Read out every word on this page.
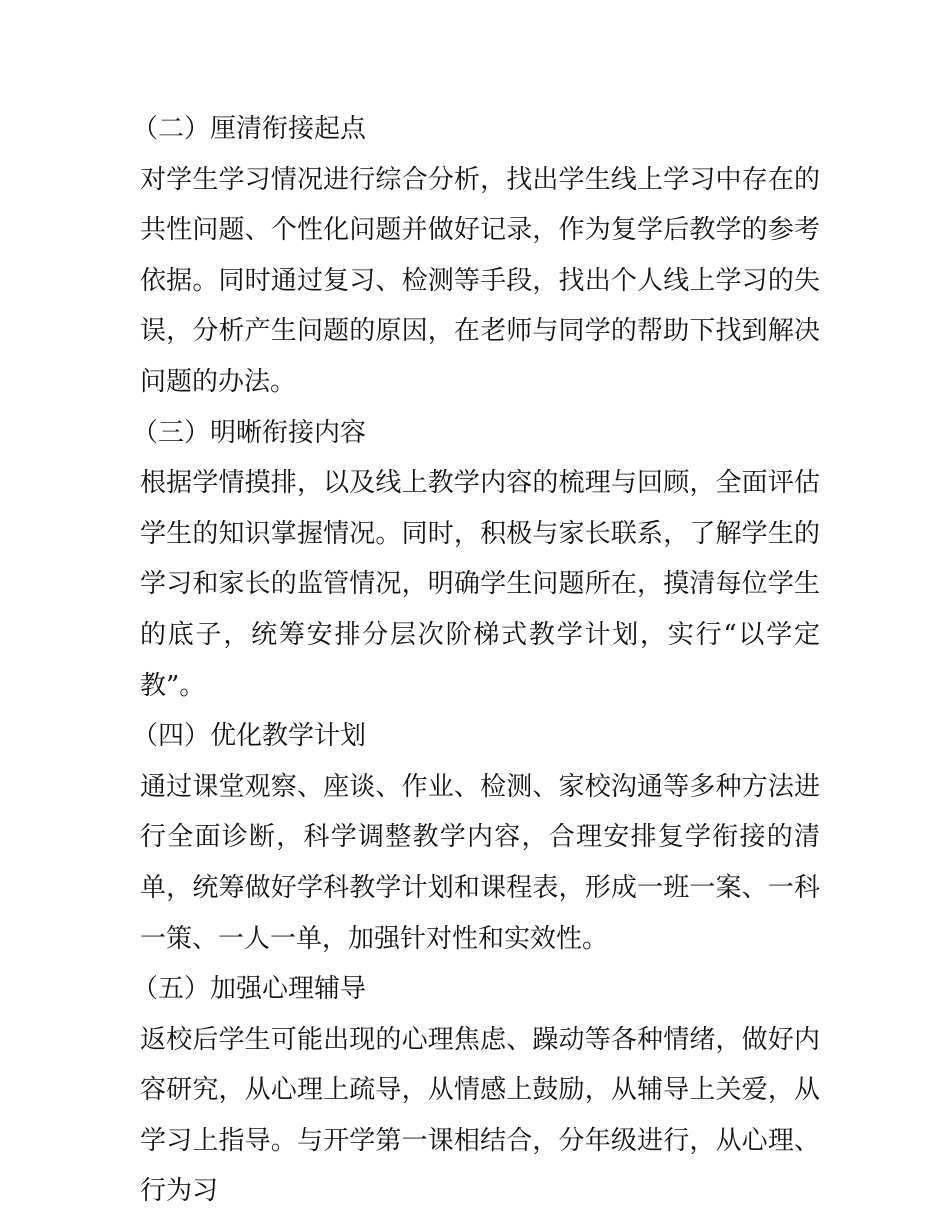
（二）厘清衔接起点

对学生学习情况进行综合分析，找出学生线上学习中存在的共性问题、个性化问题并做好记录，作为复学后教学的参考依据。同时通过复习、检测等手段，找出个人线上学习的失误，分析产生问题的原因，在老师与同学的帮助下找到解决问题的办法。

（三）明晰衔接内容

根据学情摸排，以及线上教学内容的梳理与回顾，全面评估学生的知识掌握情况。同时，积极与家长联系，了解学生的学习和家长的监管情况，明确学生问题所在，摸清每位学生的底子，统筹安排分层次阶梯式教学计划，实行“以学定教”。

（四）优化教学计划

通过课堂观察、座谈、作业、检测、家校沟通等多种方法进行全面诊断，科学调整教学内容，合理安排复学衔接的清单，统筹做好学科教学计划和课程表，形成一班一案、一科一策、一人一单，加强针对性和实效性。

（五）加强心理辅导

返校后学生可能出现的心理焦虑、躁动等各种情绪，做好内容研究，从心理上疏导，从情感上鼓励，从辅导上关爱，从学习上指导。与开学第一课相结合，分年级进行，从心理、行为习
